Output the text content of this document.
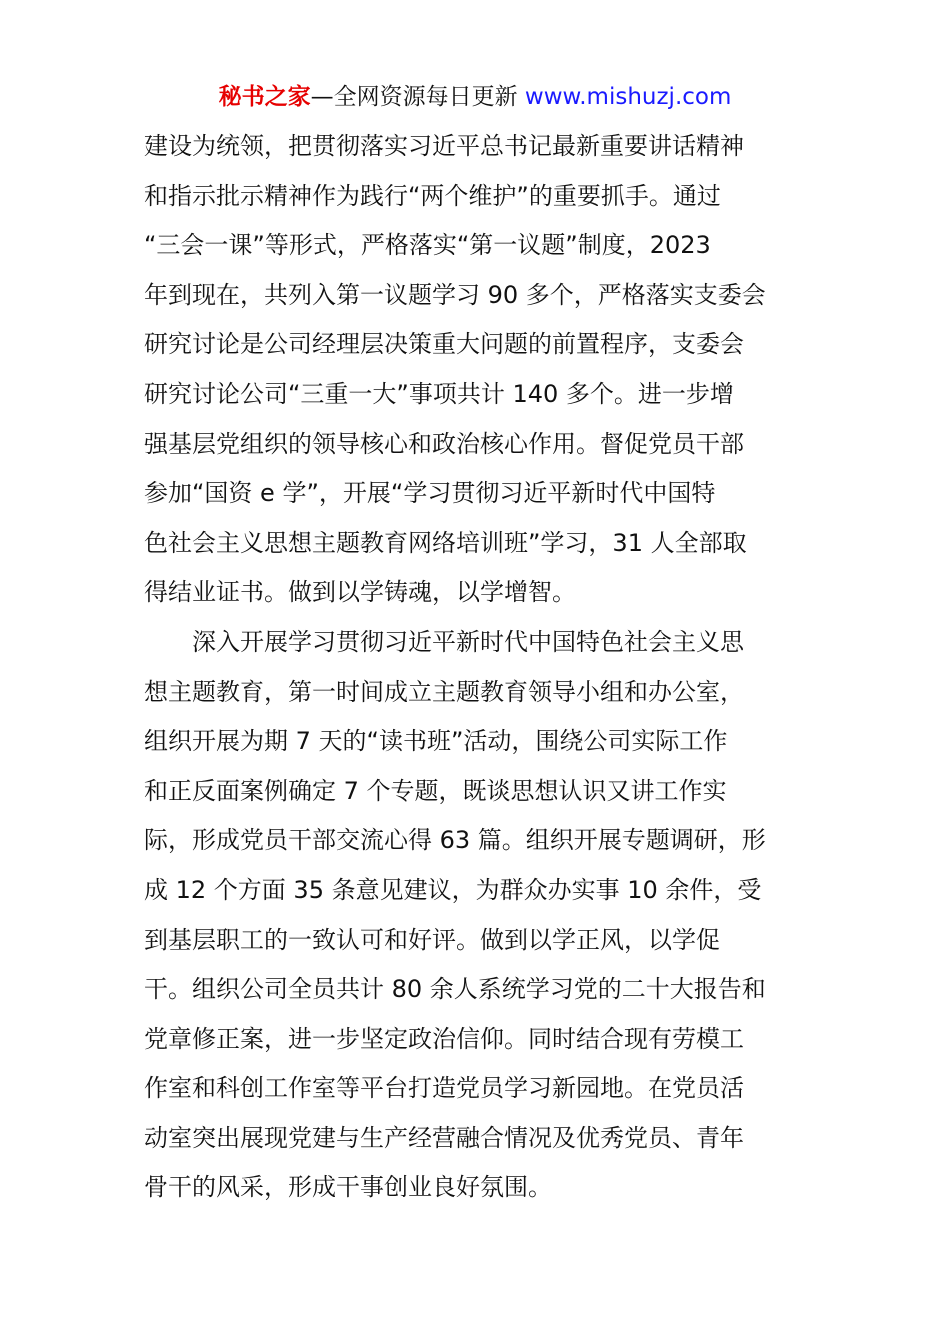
秘书之家—全网资源每日更新 www.mishuzj.com
建设为统领，把贯彻落实习近平总书记最新重要讲话精神
和指示批示精神作为践行“两个维护”的重要抓手。通过
“三会一课”等形式，严格落实“第一议题”制度，2023
年到现在，共列入第一议题学习 90 多个，严格落实支委会
研究讨论是公司经理层决策重大问题的前置程序，支委会
研究讨论公司“三重一大”事项共计 140 多个。进一步增
强基层党组织的领导核心和政治核心作用。督促党员干部
参加“国资 e 学”，开展“学习贯彻习近平新时代中国特
色社会主义思想主题教育网络培训班”学习，31 人全部取
得结业证书。做到以学铸魂，以学增智。
　　深入开展学习贯彻习近平新时代中国特色社会主义思
想主题教育，第一时间成立主题教育领导小组和办公室，
组织开展为期 7 天的“读书班”活动，围绕公司实际工作
和正反面案例确定 7 个专题，既谈思想认识又讲工作实
际，形成党员干部交流心得 63 篇。组织开展专题调研，形
成 12 个方面 35 条意见建议，为群众办实事 10 余件，受
到基层职工的一致认可和好评。做到以学正风，以学促
干。组织公司全员共计 80 余人系统学习党的二十大报告和
党章修正案，进一步坚定政治信仰。同时结合现有劳模工
作室和科创工作室等平台打造党员学习新园地。在党员活
动室突出展现党建与生产经营融合情况及优秀党员、青年
骨干的风采，形成干事创业良好氛围。
